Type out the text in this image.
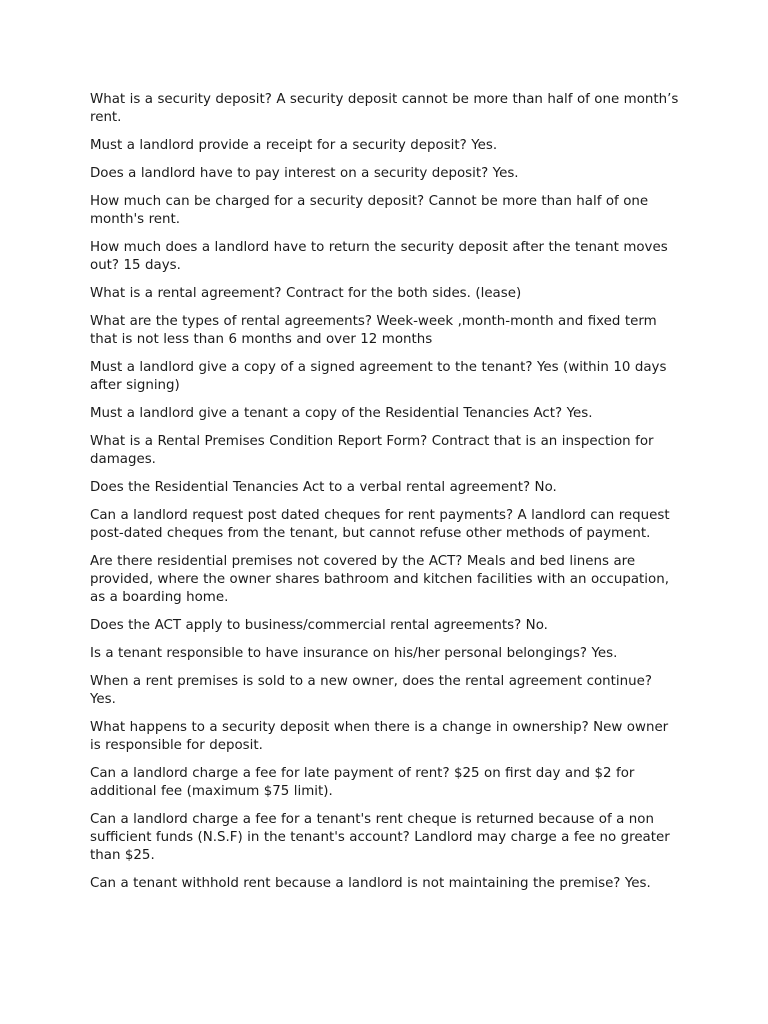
What is a security deposit? A security deposit cannot be more than half of one month’s rent.

Must a landlord provide a receipt for a security deposit? Yes.

Does a landlord have to pay interest on a security deposit? Yes.

How much can be charged for a security deposit? Cannot be more than half of one month's rent.

How much does a landlord have to return the security deposit after the tenant moves out? 15 days.

What is a rental agreement? Contract for the both sides. (lease)

What are the types of rental agreements? Week-week ,month-month and fixed term that is not less than 6 months and over 12 months

Must a landlord give a copy of a signed agreement to the tenant? Yes (within 10 days after signing)

Must a landlord give a tenant a copy of the Residential Tenancies Act? Yes.

What is a Rental Premises Condition Report Form? Contract that is an inspection for damages.

Does the Residential Tenancies Act to a verbal rental agreement? No.

Can a landlord request post dated cheques for rent payments? A landlord can request post-dated cheques from the tenant, but cannot refuse other methods of payment.

Are there residential premises not covered by the ACT? Meals and bed linens are provided, where the owner shares bathroom and kitchen facilities with an occupation, as a boarding home.

Does the ACT apply to business/commercial rental agreements? No.

Is a tenant responsible to have insurance on his/her personal belongings? Yes.

When a rent premises is sold to a new owner, does the rental agreement continue? Yes.

What happens to a security deposit when there is a change in ownership? New owner is responsible for deposit.

Can a landlord charge a fee for late payment of rent? $25 on first day and $2 for additional fee (maximum $75 limit).

Can a landlord charge a fee for a tenant's rent cheque is returned because of a non sufficient funds (N.S.F) in the tenant's account? Landlord may charge a fee no greater than $25.

Can a tenant withhold rent because a landlord is not maintaining the premise? Yes.
